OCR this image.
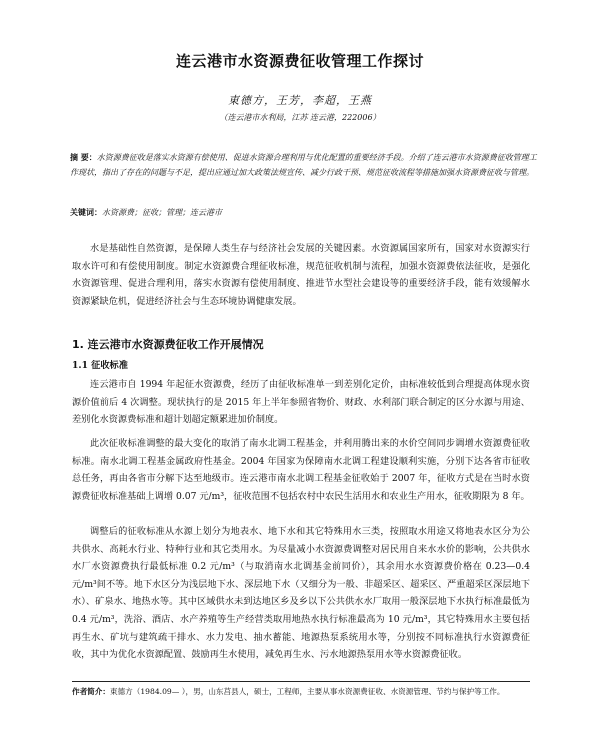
连云港市水资源费征收管理工作探讨
東德方，王芳，李超，王燕
（连云港市水利局，江苏 连云港，222006）
摘 要：水资源费征收是落实水资源有偿使用、促进水资源合理利用与优化配置的重要经济手段。介绍了连云港市水资源费征收管理工作现状，指出了存在的问题与不足，提出应通过加大政策法规宣传、减少行政干预、规范征收流程等措施加强水资源费征收与管理。
关键词：水资源费；征收；管理；连云港市
水是基础性自然资源，是保障人类生存与经济社会发展的关键因素。水资源属国家所有，国家对水资源实行取水许可和有偿使用制度。制定水资源费合理征收标准，规范征收机制与流程，加强水资源费依法征收，是强化水资源管理、促进合理利用，落实水资源有偿使用制度、推进节水型社会建设等的重要经济手段，能有效缓解水资源紧缺危机，促进经济社会与生态环境协调健康发展。
1. 连云港市水资源费征收工作开展情况
1.1 征收标准
连云港市自 1994 年起征水资源费，经历了由征收标准单一到差别化定价，由标准较低到合理提高体现水资源价值前后 4 次调整。现状执行的是 2015 年上半年参照省物价、财政、水利部门联合制定的区分水源与用途、差别化水资源费标准和超计划超定额累进加价制度。
此次征收标准调整的最大变化的取消了南水北调工程基金，并利用腾出来的水价空间同步调增水资源费征收标准。南水北调工程基金属政府性基金。2004 年国家为保障南水北调工程建设顺利实施，分别下达各省市征收总任务，再由各省市分解下达至地级市。连云港市南水北调工程基金征收始于 2007 年，征收方式是在当时水资源费征收标准基础上调增 0.07 元/m³，征收范围不包括农村中农民生活用水和农业生产用水，征收期限为 8 年。
调整后的征收标准从水源上划分为地表水、地下水和其它特殊用水三类，按照取水用途又将地表水区分为公共供水、高耗水行业、特种行业和其它类用水。为尽量减小水资源费调整对居民用自来水水价的影响，公共供水水厂水资源费执行最低标准 0.2 元/m³（与取消南水北调基金前同价），其余用水水资源费价格在 0.23—0.4 元/m³间不等。地下水区分为浅层地下水、深层地下水（又细分为一般、非超采区、超采区、严重超采区深层地下水）、矿泉水、地热水等。其中区域供水未到达地区乡及乡以下公共供水水厂取用一般深层地下水执行标准最低为 0.4 元/m³，洗浴、酒店、水产养殖等生产经营类取用地热水执行标准最高为 10 元/m³，其它特殊用水主要包括再生水、矿坑与建筑疏干排水、水力发电、抽水蓄能、地源热泵系统用水等，分别按不同标准执行水资源费征收，其中为优化水资源配置、鼓励再生水使用，减免再生水、污水地源热泵用水等水资源费征收。
作者简介：東德方（1984.09— ），男，山东莒县人，硕士，工程师，主要从事水资源费征收、水资源管理、节约与保护等工作。
